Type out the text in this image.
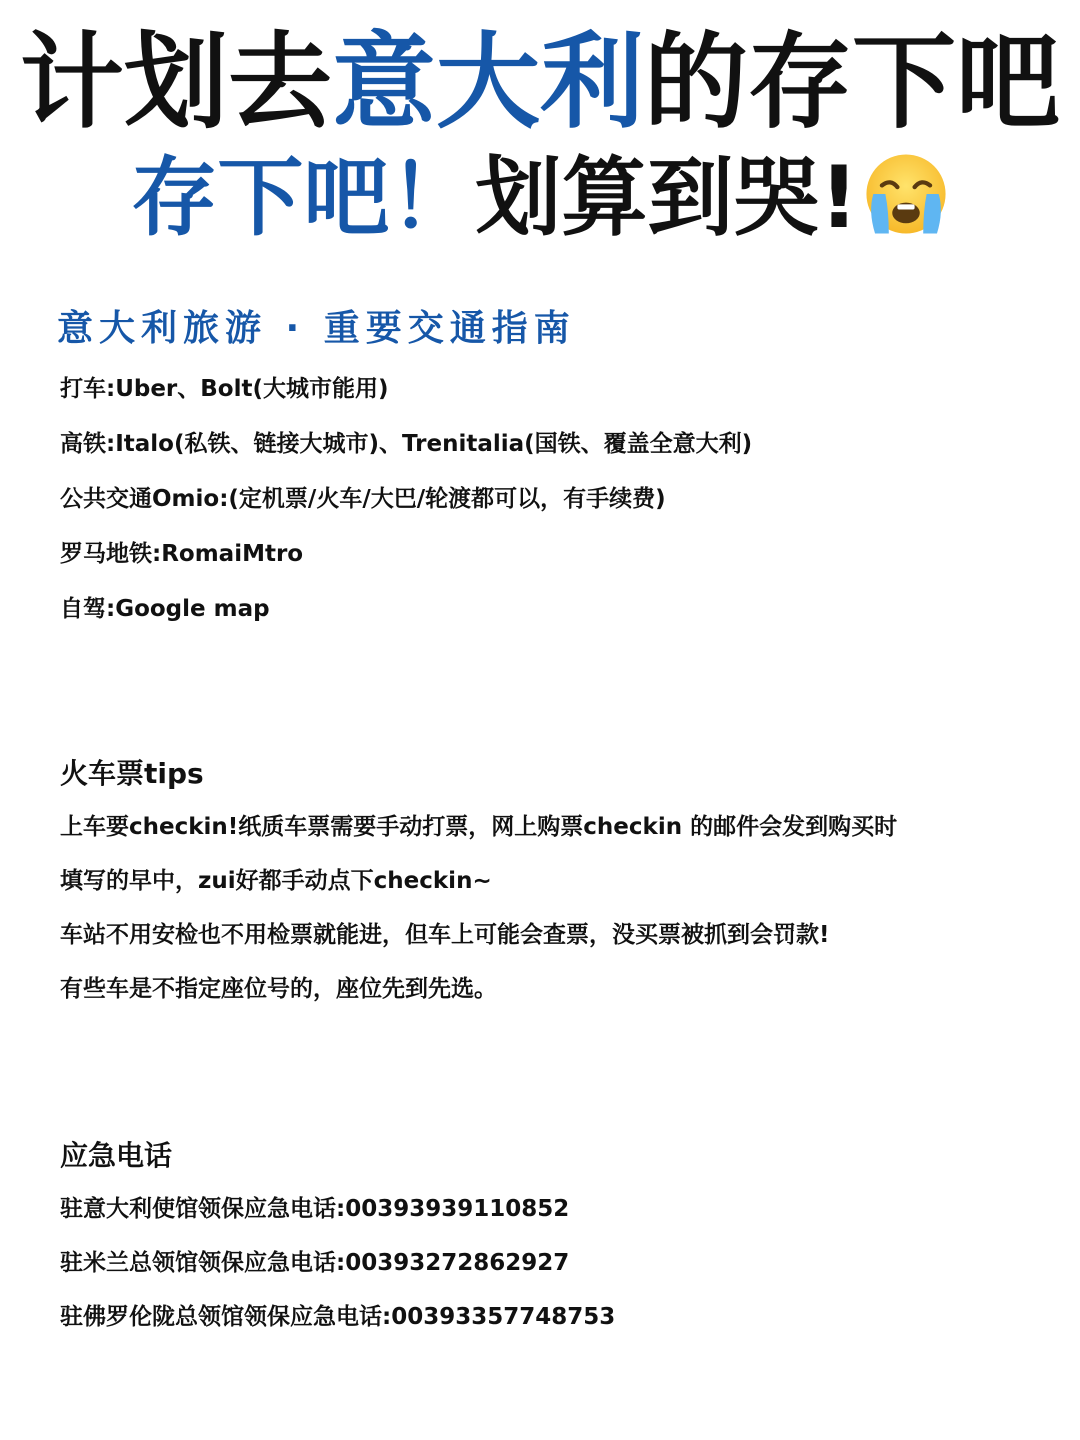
计划去意大利的存下吧
存下吧！划算到哭!
意大利旅游 · 重要交通指南
打车:Uber、Bolt(大城市能用)
高铁:Italo(私铁、链接大城市)、Trenitalia(国铁、覆盖全意大利)
公共交通Omio:(定机票/火车/大巴/轮渡都可以，有手续费)
罗马地铁:RomaiMtro
自驾:Google map
火车票tips
上车要checkin!纸质车票需要手动打票，网上购票checkin 的邮件会发到购买时
填写的早中，zui好都手动点下checkin~
车站不用安检也不用检票就能进，但车上可能会查票，没买票被抓到会罚款!
有些车是不指定座位号的，座位先到先选。
应急电话
驻意大利使馆领保应急电话:00393939110852
驻米兰总领馆领保应急电话:00393272862927
驻佛罗伦陇总领馆领保应急电话:00393357748753
